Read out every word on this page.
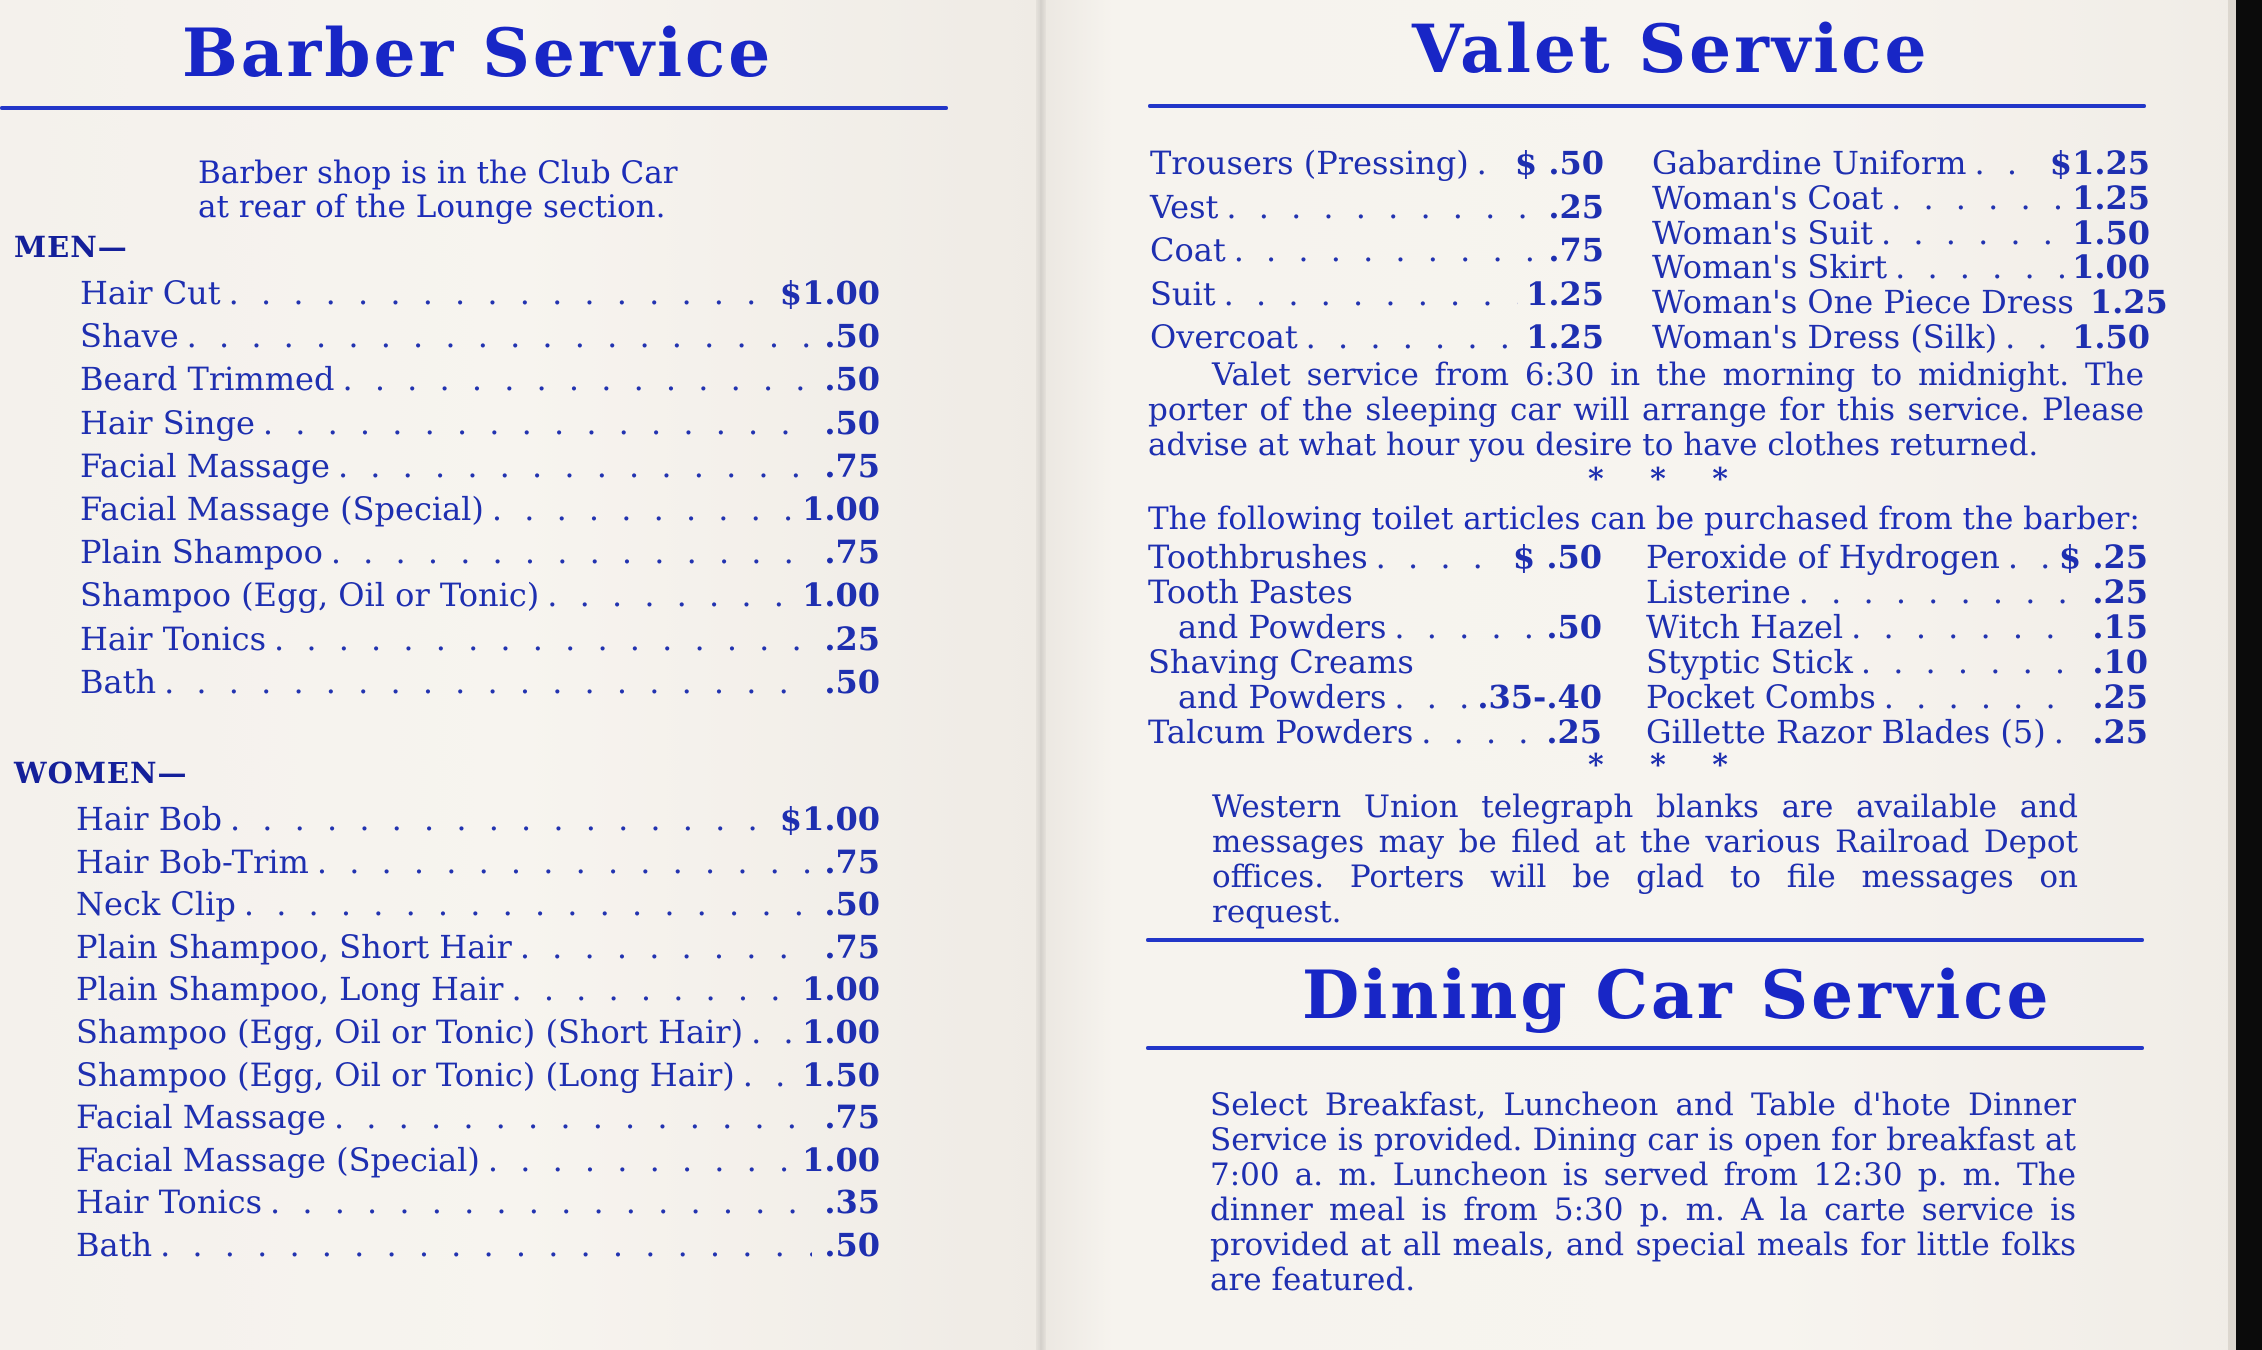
Barber Service
Barber shop is in the Club Car
at rear of the Lounge section.
MEN—
Hair Cut . . .	$1.00
Shave . . .	.50
Beard Trimmed . . .	.50
Hair Singe . . .	.50
Facial Massage . . .	.75
Facial Massage (Special) . . .	1.00
Plain Shampoo . . .	.75
Shampoo (Egg, Oil or Tonic) . . .	1.00
Hair Tonics . . .	.25
Bath . . .	.50
WOMEN—
Hair Bob . . .	$1.00
Hair Bob-Trim . . .	.75
Neck Clip . . .	.50
Plain Shampoo, Short Hair . . .	.75
Plain Shampoo, Long Hair . . .	1.00
Shampoo (Egg, Oil or Tonic) (Short Hair) . . . 1.00
Shampoo (Egg, Oil or Tonic) (Long Hair) . . . 1.50
Facial Massage . . .	.75
Facial Massage (Special) . . .	1.00
Hair Tonics . . .	.35
Bath . . .	.50
Valet Service
Trousers (Pressing) . . . $ .50
Vest . . .	.25
Coat . . .	.75
Suit . . .	1.25
Overcoat . . .	1.25
Gabardine Uniform . . .	$1.25
Woman's Coat . . .	1.25
Woman's Suit . . .	1.50
Woman's Skirt . . .	1.00
Woman's One Piece Dress 1.25
Woman's Dress (Silk) . . . 1.50
Valet service from 6:30 in the morning to midnight. The porter of the sleeping car will arrange for this service. Please advise at what hour you desire to have clothes returned.
* * *
The following toilet articles can be purchased from the barber:
Toothbrushes . . .	$ .50
Tooth Pastes
and Powders . . .	.50
Shaving Creams
and Powders . . .	.35-.40
Talcum Powders . . .	.25
Peroxide of Hydrogen . . . $ .25
Listerine . . .	.25
Witch Hazel . . .	.15
Styptic Stick . . .	.10
Pocket Combs . . .	.25
Gillette Razor Blades (5) . . . .25
* * *
Western Union telegraph blanks are available and messages may be filed at the various Railroad Depot offices. Porters will be glad to file messages on request.
Dining Car Service
Select Breakfast, Luncheon and Table d'hote Dinner Service is provided. Dining car is open for breakfast at 7:00 a. m. Luncheon is served from 12:30 p. m. The dinner meal is from 5:30 p. m. A la carte service is provided at all meals, and special meals for little folks are featured.
